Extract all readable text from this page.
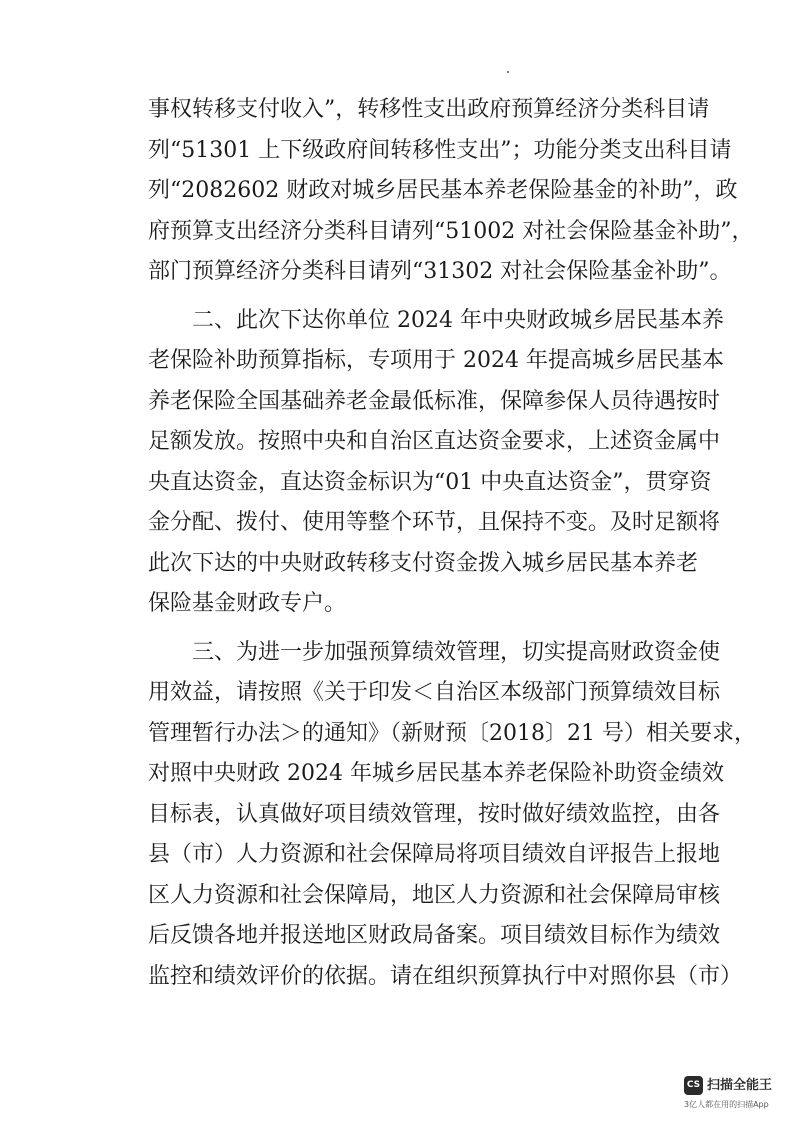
事权转移支付收入”，转移性支出政府预算经济分类科目请
列“51301 上下级政府间转移性支出”；功能分类支出科目请
列“2082602 财政对城乡居民基本养老保险基金的补助”，政
府预算支出经济分类科目请列“51002 对社会保险基金补助”，
部门预算经济分类科目请列“31302 对社会保险基金补助”。
二、此次下达你单位 2024 年中央财政城乡居民基本养
老保险补助预算指标，专项用于 2024 年提高城乡居民基本
养老保险全国基础养老金最低标准，保障参保人员待遇按时
足额发放。按照中央和自治区直达资金要求，上述资金属中
央直达资金，直达资金标识为“01 中央直达资金”，贯穿资
金分配、拨付、使用等整个环节，且保持不变。及时足额将
此次下达的中央财政转移支付资金拨入城乡居民基本养老
保险基金财政专户。
三、为进一步加强预算绩效管理，切实提高财政资金使
用效益，请按照《关于印发＜自治区本级部门预算绩效目标
管理暂行办法＞的通知》（新财预〔2018〕21 号）相关要求，
对照中央财政 2024 年城乡居民基本养老保险补助资金绩效
目标表，认真做好项目绩效管理，按时做好绩效监控，由各
县（市）人力资源和社会保障局将项目绩效自评报告上报地
区人力资源和社会保障局，地区人力资源和社会保障局审核
后反馈各地并报送地区财政局备案。项目绩效目标作为绩效
监控和绩效评价的依据。请在组织预算执行中对照你县（市）
CS 扫描全能王
3亿人都在用的扫描App
